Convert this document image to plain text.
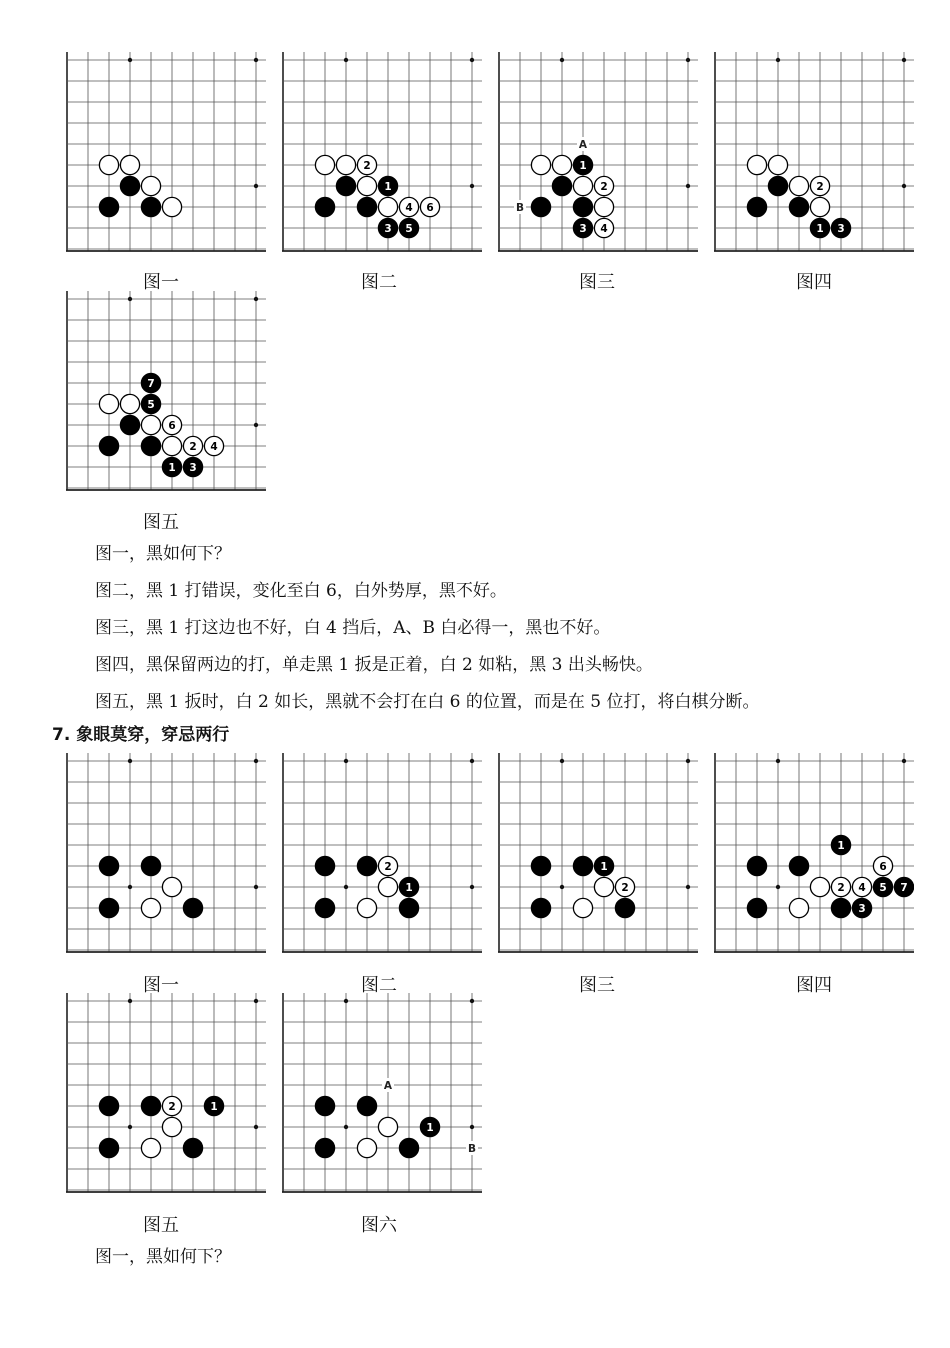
2
1
4 6
3 5
1
2
3 4
A
B
2
1 3
7
5
6
2 4
1 3
图一	图二	图三	图四
图五
图一，黑如何下？
图二，黑 1 打错误，变化至白 6，白外势厚，黑不好。
图三，黑 1 打这边也不好，白 4 挡后，A、B 白必得一，黑也不好。
图四，黑保留两边的打，单走黑 1 扳是正着，白 2 如粘，黑 3 出头畅快。
图五，黑 1 扳时，白 2 如长，黑就不会打在白 6 的位置，而是在 5 位打，将白棋分断。
7. 象眼莫穿，穿忌两行
2
1
1
2
1
6
2 4 5 7
3
2	1
1
A
B
图一	图二	图三	图四
图五	图六
图一，黑如何下？
